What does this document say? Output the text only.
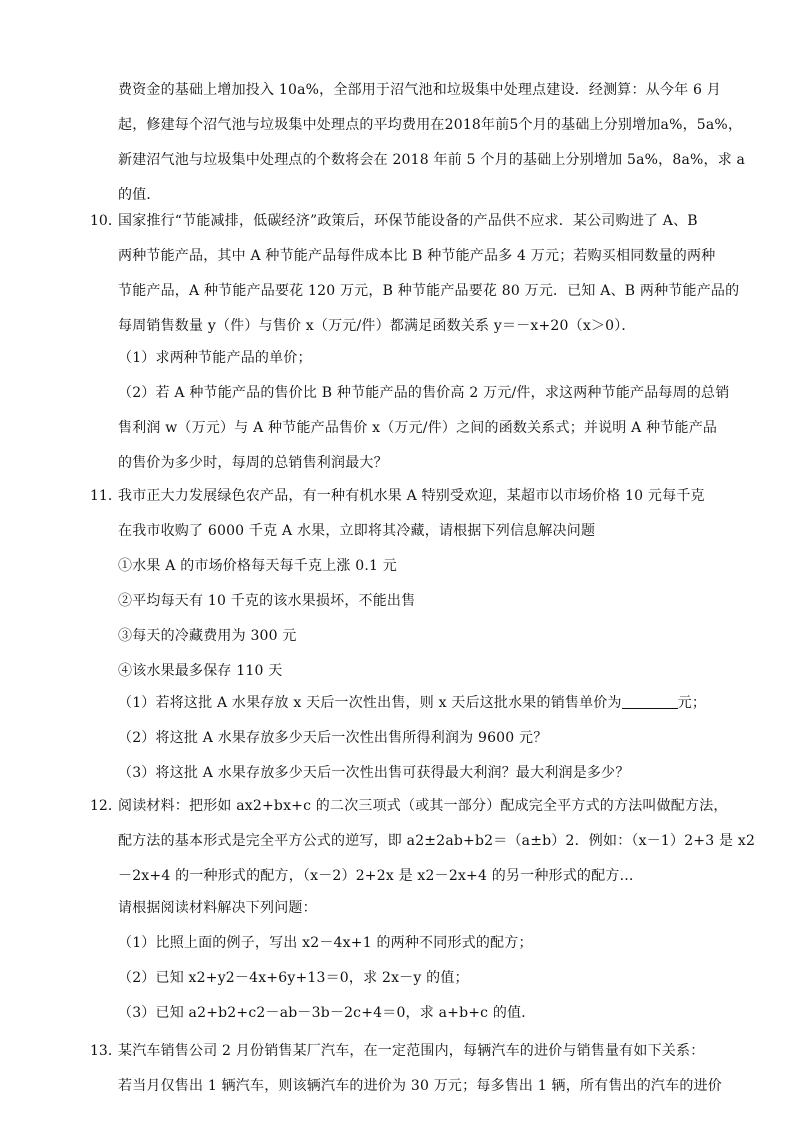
费资金的基础上增加投入 10a%，全部用于沼气池和垃圾集中处理点建设．经测算：从今年 6 月
起，修建每个沼气池与垃圾集中处理点的平均费用在2018年前5个月的基础上分别增加a%，5a%，
新建沼气池与垃圾集中处理点的个数将会在 2018 年前 5 个月的基础上分别增加 5a%，8a%，求 a
的值．
10．
国家推行“节能减排，低碳经济”政策后，环保节能设备的产品供不应求．某公司购进了 A、B
两种节能产品，其中 A 种节能产品每件成本比 B 种节能产品多 4 万元；若购买相同数量的两种
节能产品，A 种节能产品要花 120 万元，B 种节能产品要花 80 万元．已知 A、B 两种节能产品的
每周销售数量 y（件）与售价 x（万元/件）都满足函数关系 y＝－x+20（x＞0）．
（1）求两种节能产品的单价；
（2）若 A 种节能产品的售价比 B 种节能产品的售价高 2 万元/件，求这两种节能产品每周的总销
售利润 w（万元）与 A 种节能产品售价 x（万元/件）之间的函数关系式；并说明 A 种节能产品
的售价为多少时，每周的总销售利润最大？
11．
我市正大力发展绿色农产品，有一种有机水果 A 特别受欢迎，某超市以市场价格 10 元每千克
在我市收购了 6000 千克 A 水果，立即将其冷藏，请根据下列信息解决问题
①水果 A 的市场价格每天每千克上涨 0.1 元
②平均每天有 10 千克的该水果损坏，不能出售
③每天的冷藏费用为 300 元
④该水果最多保存 110 天
（1）若将这批 A 水果存放 x 天后一次性出售，则 x 天后这批水果的销售单价为	元；
（2）将这批 A 水果存放多少天后一次性出售所得利润为 9600 元？
（3）将这批 A 水果存放多少天后一次性出售可获得最大利润？最大利润是多少？
12．
阅读材料：把形如 ax2+bx+c 的二次三项式（或其一部分）配成完全平方式的方法叫做配方法，
配方法的基本形式是完全平方公式的逆写，即 a2±2ab+b2＝（a±b）2．例如：（x－1）2+3 是 x2
－2x+4 的一种形式的配方，（x－2）2+2x 是 x2－2x+4 的另一种形式的配方…
请根据阅读材料解决下列问题：
（1）比照上面的例子，写出 x2－4x+1 的两种不同形式的配方；
（2）已知 x2+y2－4x+6y+13＝0，求 2x－y 的值；
（3）已知 a2+b2+c2－ab－3b－2c+4＝0，求 a+b+c 的值．
13．
某汽车销售公司 2 月份销售某厂汽车，在一定范围内，每辆汽车的进价与销售量有如下关系：
若当月仅售出 1 辆汽车，则该辆汽车的进价为 30 万元；每多售出 1 辆，所有售出的汽车的进价
